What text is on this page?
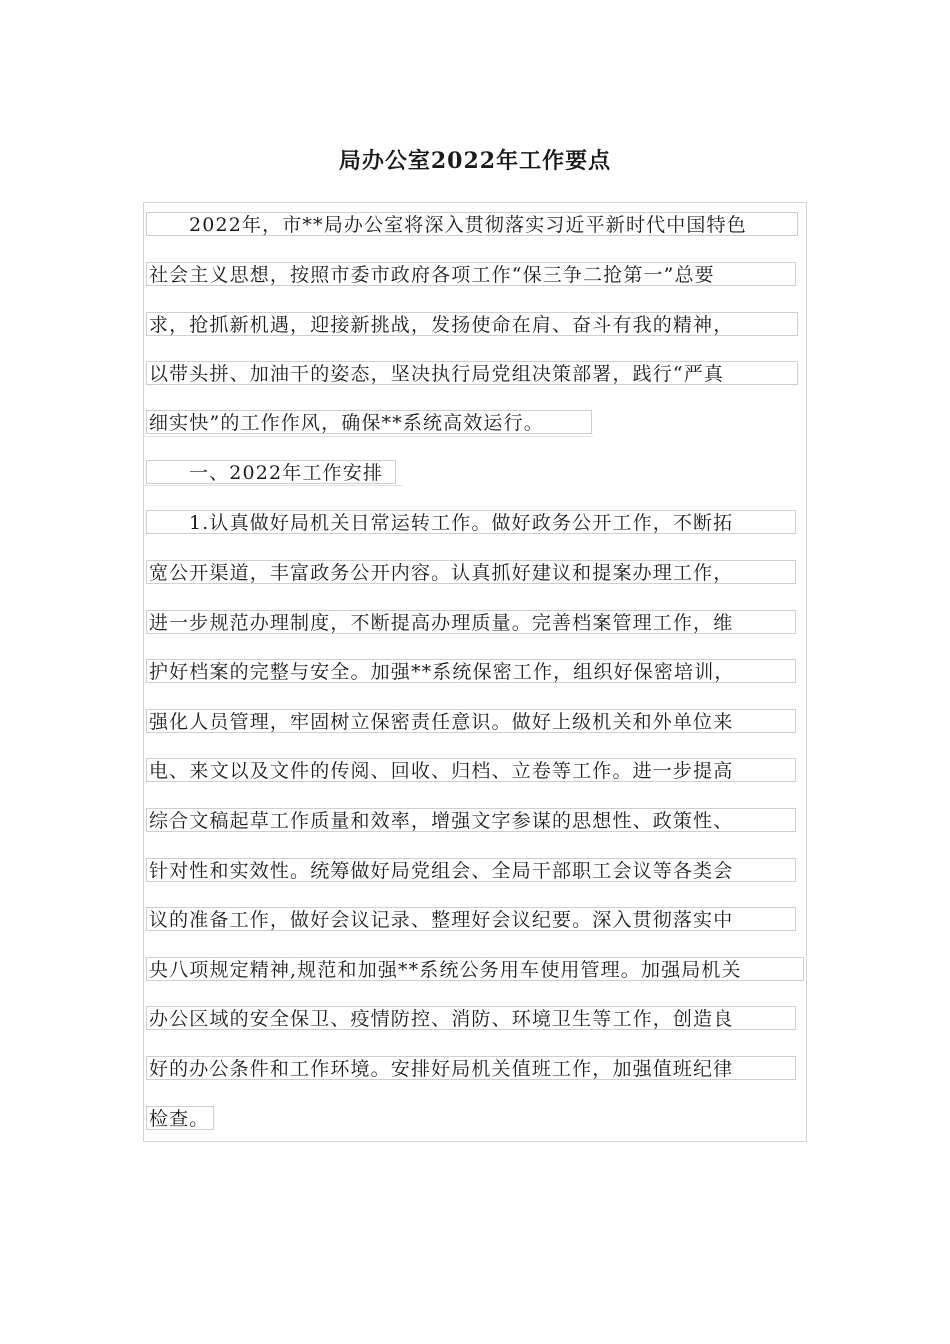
局办公室2022年工作要点
2022年，市**局办公室将深入贯彻落实习近平新时代中国特色
社会主义思想，按照市委市政府各项工作“保三争二抢第一”总要
求，抢抓新机遇，迎接新挑战，发扬使命在肩、奋斗有我的精神，
以带头拼、加油干的姿态，坚决执行局党组决策部署，践行“严真
细实快”的工作作风，确保**系统高效运行。
一、2022年工作安排
1.认真做好局机关日常运转工作。做好政务公开工作，不断拓
宽公开渠道，丰富政务公开内容。认真抓好建议和提案办理工作，
进一步规范办理制度，不断提高办理质量。完善档案管理工作，维
护好档案的完整与安全。加强**系统保密工作，组织好保密培训，
强化人员管理，牢固树立保密责任意识。做好上级机关和外单位来
电、来文以及文件的传阅、回收、归档、立卷等工作。进一步提高
综合文稿起草工作质量和效率，增强文字参谋的思想性、政策性、
针对性和实效性。统筹做好局党组会、全局干部职工会议等各类会
议的准备工作，做好会议记录、整理好会议纪要。深入贯彻落实中
央八项规定精神,规范和加强**系统公务用车使用管理。加强局机关
办公区域的安全保卫、疫情防控、消防、环境卫生等工作，创造良
好的办公条件和工作环境。安排好局机关值班工作，加强值班纪律
检查。
